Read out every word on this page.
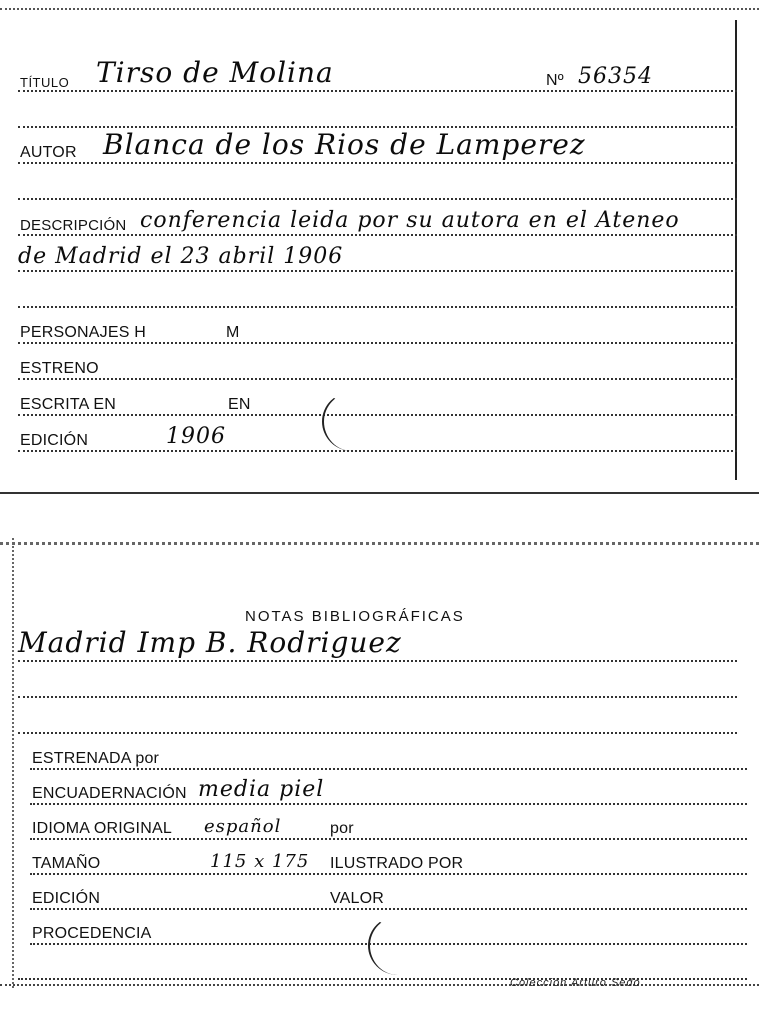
TÍTULO Tirso de Molina	Nº 56354
AUTOR Blanca de los Rios de Lamperez
DESCRIPCIÓN conferencia leida por su autora en el Ateneo
de Madrid el 23 abril 1906
PERSONAJES H	M
ESTRENO
ESCRITA EN	EN
EDICIÓN	1906
NOTAS BIBLIOGRÁFICAS
Madrid Imp B. Rodriguez
ESTRENADA por
ENCUADERNACIÓN media piel
IDIOMA ORIGINAL español	por
TAMAÑO	115 x 175 ILUSTRADO POR
EDICIÓN	VALOR
PROCEDENCIA
Colección Arturo Sedó
